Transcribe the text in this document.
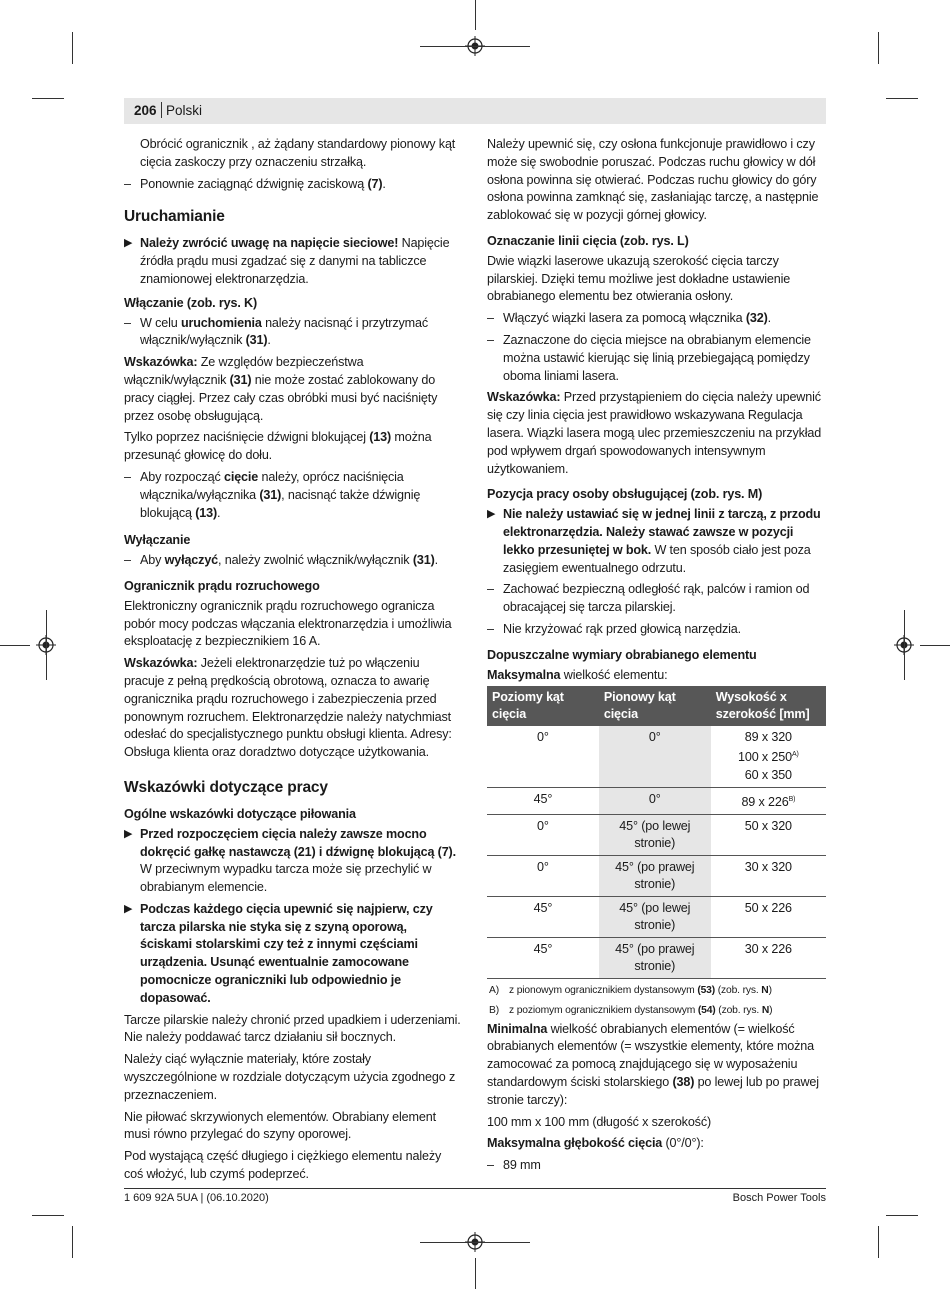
206 Polski

Obrócić ogranicznik , aż żądany standardowy pionowy kąt cięcia zaskoczy przy oznaczeniu strzałką.

– Ponownie zaciągnąć dźwignię zaciskową (7).
Uruchamianie
▶ Należy zwrócić uwagę na napięcie sieciowe! Napięcie źródła prądu musi zgadzać się z danymi na tabliczce znamionowej elektronarzędzia.
Włączanie (zob. rys. K)
– W celu uruchomienia należy nacisnąć i przytrzymać włącznik/wyłącznik (31).

Wskazówka: Ze względów bezpieczeństwa włącznik/wyłącznik (31) nie może zostać zablokowany do pracy ciągłej. Przez cały czas obróbki musi być naciśnięty przez osobę obsługującą.

Tylko poprzez naciśnięcie dźwigni blokującej (13) można przesunąć głowicę do dołu.

– Aby rozpocząć cięcie należy, oprócz naciśnięcia włącznika/wyłącznika (31), nacisnąć także dźwignię blokującą (13).
Wyłączanie
– Aby wyłączyć, należy zwolnić włącznik/wyłącznik (31).
Ogranicznik prądu rozruchowego

Elektroniczny ogranicznik prądu rozruchowego ogranicza pobór mocy podczas włączania elektronarzędzia i umożliwia eksploatację z bezpiecznikiem 16 A.

Wskazówka: Jeżeli elektronarzędzie tuż po włączeniu pracuje z pełną prędkością obrotową, oznacza to awarię ogranicznika prądu rozruchowego i zabezpieczenia przed ponownym rozruchem. Elektronarzędzie należy natychmiast odesłać do specjalistycznego punktu obsługi klienta. Adresy: Obsługa klienta oraz doradztwo dotyczące użytkowania.

Wskazówki dotyczące pracy
Ogólne wskazówki dotyczące piłowania
▶ Przed rozpoczęciem cięcia należy zawsze mocno dokręcić gałkę nastawczą (21) i dźwignę blokującą (7). W przeciwnym wypadku tarcza może się przechylić w obrabianym elemencie.
▶ Podczas każdego cięcia upewnić się najpierw, czy tarcza pilarska nie styka się z szyną oporową, ściskami stolarskimi czy też z innymi częściami urządzenia. Usunąć ewentualnie zamocowane pomocnicze ograniczniki lub odpowiednio je dopasować.

Tarcze pilarskie należy chronić przed upadkiem i uderzeniami. Nie należy poddawać tarcz działaniu sił bocznych.

Należy ciąć wyłącznie materiały, które zostały wyszczególnione w rozdziale dotyczącym użycia zgodnego z przeznaczeniem.

Nie piłować skrzywionych elementów. Obrabiany element musi równo przylegać do szyny oporowej.

Pod wystającą część długiego i ciężkiego elementu należy coś włożyć, lub czymś podeprzeć.

Należy upewnić się, czy osłona funkcjonuje prawidłowo i czy może się swobodnie poruszać. Podczas ruchu głowicy w dół osłona powinna się otwierać. Podczas ruchu głowicy do góry osłona powinna zamknąć się, zasłaniając tarczę, a następnie zablokować się w pozycji górnej głowicy.

Oznaczanie linii cięcia (zob. rys. L)

Dwie wiązki laserowe ukazują szerokość cięcia tarczy pilarskiej. Dzięki temu możliwe jest dokładne ustawienie obrabianego elementu bez otwierania osłony.

– Włączyć wiązki lasera za pomocą włącznika (32).
– Zaznaczone do cięcia miejsce na obrabianym elemencie można ustawić kierując się linią przebiegającą pomiędzy oboma liniami lasera.

Wskazówka: Przed przystąpieniem do cięcia należy upewnić się czy linia cięcia jest prawidłowo wskazywana Regulacja lasera. Wiązki lasera mogą ulec przemieszczeniu na przykład pod wpływem drgań spowodowanych intensywnym użytkowaniem.

Pozycja pracy osoby obsługującej (zob. rys. M)
▶ Nie należy ustawiać się w jednej linii z tarczą, z przodu elektronarzędzia. Należy stawać zawsze w pozycji lekko przesuniętej w bok. W ten sposób ciało jest poza zasięgiem ewentualnego odrzutu.
– Zachować bezpieczną odległość rąk, palców i ramion od obracającej się tarcza pilarskiej.
– Nie krzyżować rąk przed głowicą narzędzia.
Dopuszczalne wymiary obrabianego elementu

Maksymalna wielkość elementu:

Poziomy kąt cięcia	Pionowy kąt cięcia	Wysokość x szerokość [mm]
0°	0°	89 x 320
100 x $250^{A)}$
60 x 350
45°	0°	89 x $226^{B)}$
0°	45° (po lewej stronie)	50 x 320
0°	45° (po prawej stronie)	30 x 320
45°	45° (po lewej stronie)	50 x 226
45°	45° (po prawej stronie)	30 x 226
A) z pionowym ogranicznikiem dystansowym (53) (zob. rys. N)
B) z poziomym ogranicznikiem dystansowym (54) (zob. rys. N)

Minimalna wielkość obrabianych elementów (= wielkość obrabianych elementów (= wszystkie elementy, które można zamocować za pomocą znajdującego się w wyposażeniu standardowym ściski stolarskiego (38) po lewej lub po prawej stronie tarczy):

100 mm x 100 mm (długość x szerokość)

Maksymalna głębokość cięcia (0°/0°):

– 89 mm
1 609 92A 5UA | (06.10.2020)	Bosch Power Tools
